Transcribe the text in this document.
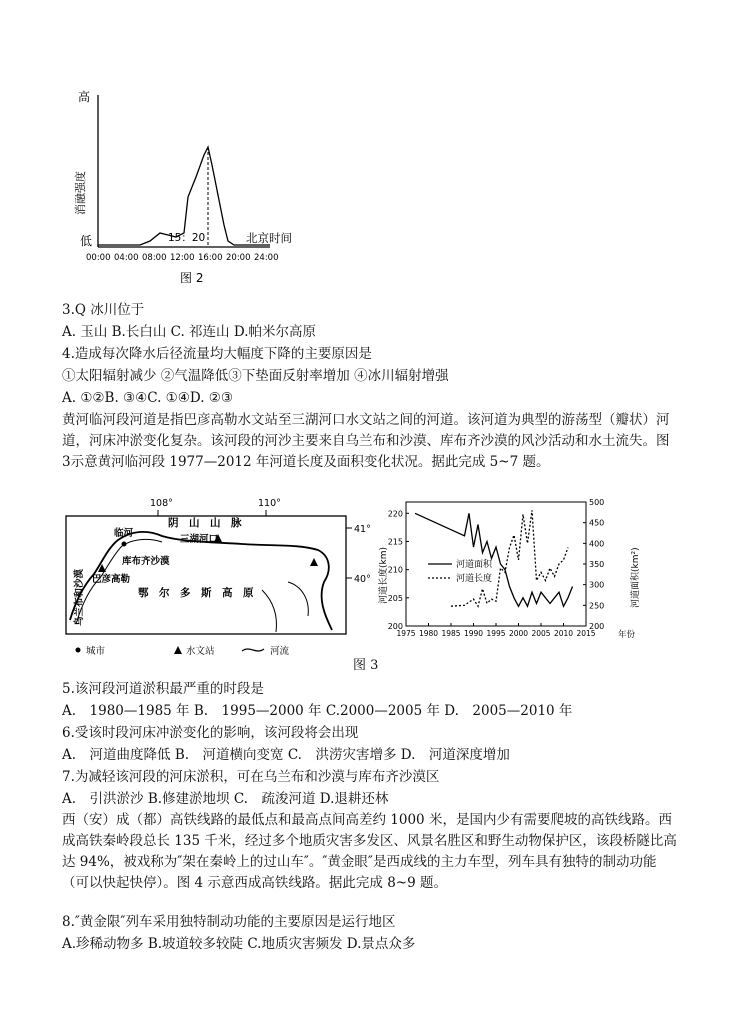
高
消融强度
低	15：20
00:00 04:00 08:00 12:00 16:00 20:00 24:00
北京时间
图 2
3.Q 冰川位于
A. 玉山 B.长白山 C. 祁连山 D.帕米尔高原
4.造成每次降水后径流量均大幅度下降的主要原因是
①太阳辐射减少 ②气温降低③下垫面反射率增加 ④冰川辐射增强
A. ①②B. ③④C. ①④D. ②③
黄河临河段河道是指巴彦高勒水文站至三湖河口水文站之间的河道。该河道为典型的游荡型（瓣状）河道，河床冲淤变化复杂。该河段的河沙主要来自乌兰布和沙漠、库布齐沙漠的风沙活动和水土流失。图 3示意黄河临河段 1977—2012 年河道长度及面积变化状况。据此完成 5~7 题。
108°	110°
41°
40°
临河
阴　山　山　脉
三湖河口
库布齐沙漠
巴彦高勒
乌兰布和沙漠	鄂　尔　多　斯　高　原
城市	水文站	河流
1975 1980 1985 1990 1995 2000 2005 2010 2015
200
205
210
215
220
200
250
300
350
400
450
500
河道长度(km)	河道面积(km²)
年份
河道面积
河道长度
图 3
5.该河段河道淤积最严重的时段是
A.　1980—1985 年 B.　1995—2000 年 C.2000—2005 年 D.　2005—2010 年
6.受该时段河床冲淤变化的影响，该河段将会出现
A.　河道曲度降低 B.　河道横向变宽 C.　洪涝灾害增多 D.　河道深度增加
7.为减轻该河段的河床淤积，可在乌兰布和沙漠与库布齐沙漠区
A.　引洪淤沙 B.修建淤地坝 C.　疏浚河道 D.退耕还林
西（安）成（都）高铁线路的最低点和最高点间高差约 1000 米，是国内少有需要爬坡的高铁线路。西成高铁秦岭段总长 135 千米，经过多个地质灾害多发区、风景名胜区和野生动物保护区，该段桥隧比高达 94%，被戏称为″架在秦岭上的过山车″。″黄金眼″是西成线的主力车型，列车具有独特的制动功能（可以快起快停）。图 4 示意西成高铁线路。据此完成 8~9 题。
8.″黄金限″列车采用独特制动功能的主要原因是运行地区
A.珍稀动物多 B.坡道较多较陡 C.地质灾害频发 D.景点众多
